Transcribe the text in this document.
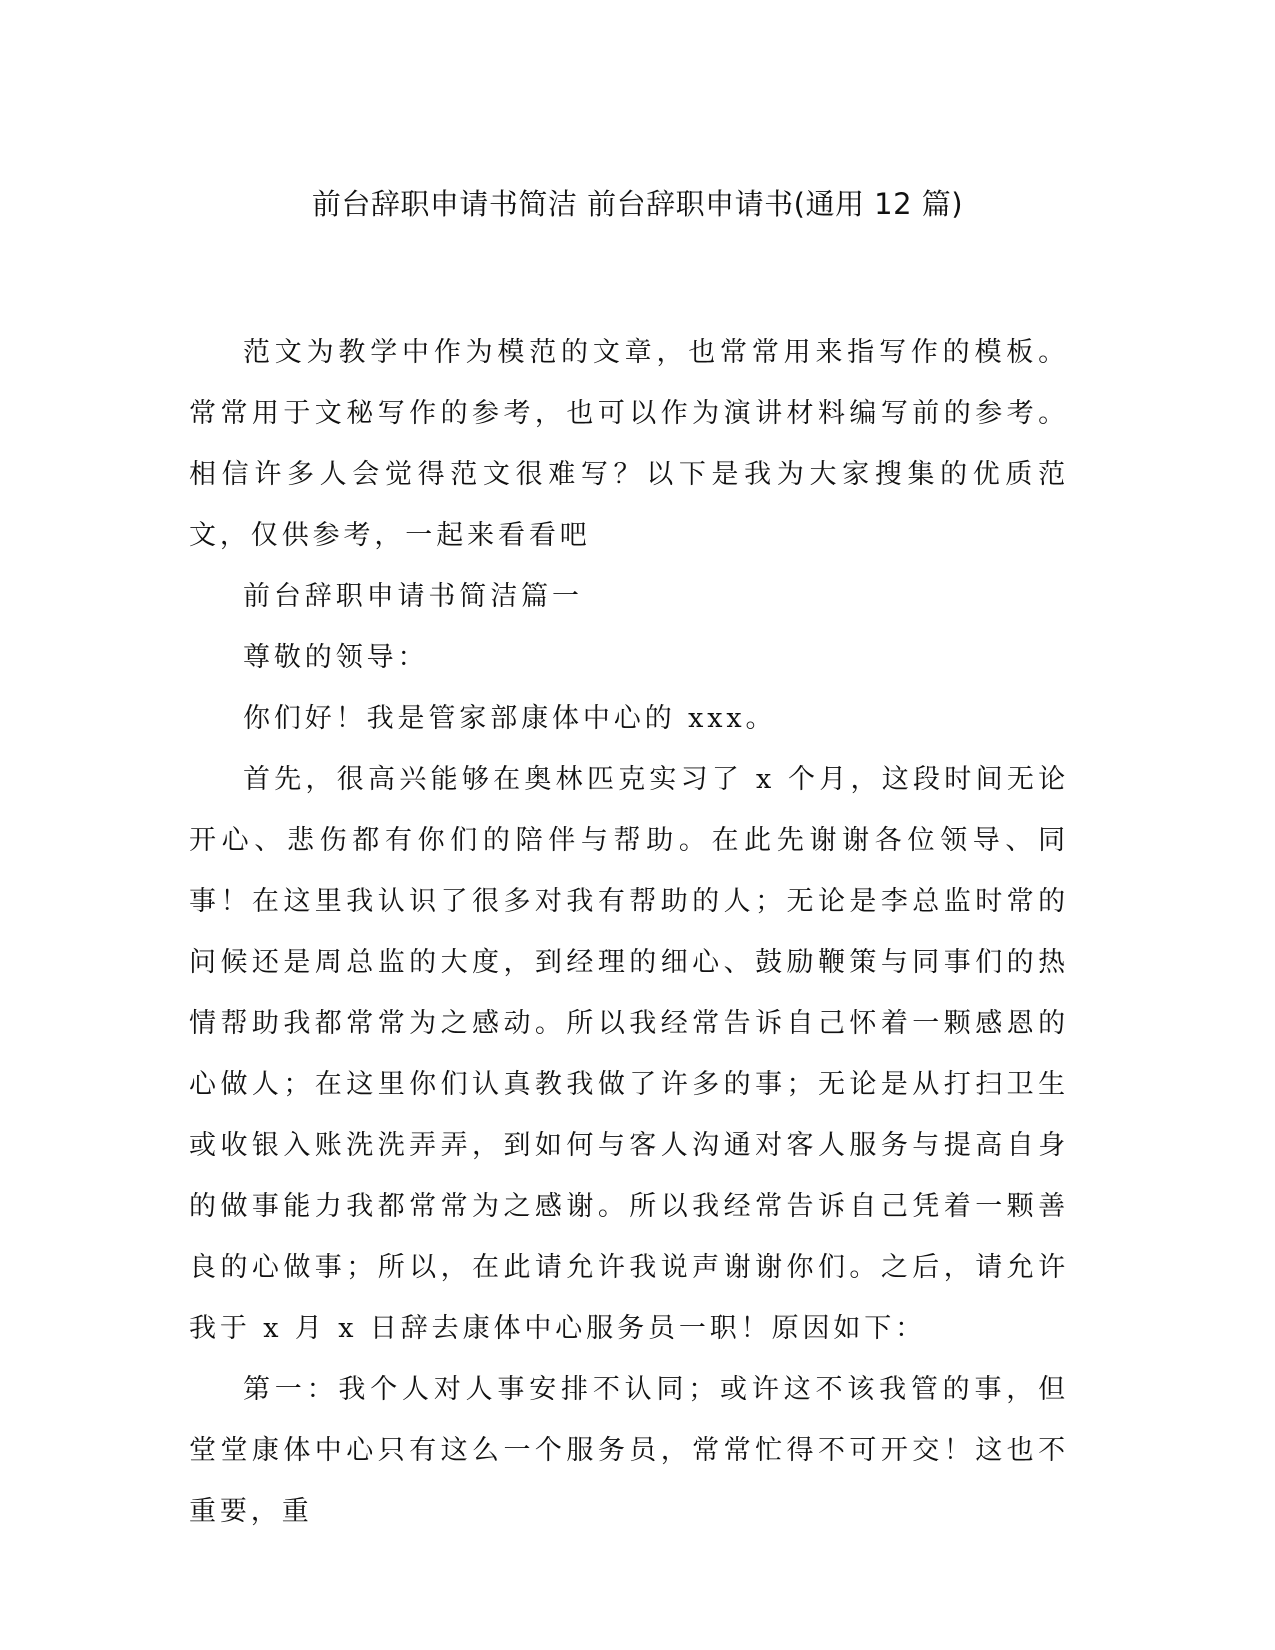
前台辞职申请书简洁 前台辞职申请书(通用 12 篇)

范文为教学中作为模范的文章，也常常用来指写作的模板。常常用于文秘写作的参考，也可以作为演讲材料编写前的参考。相信许多人会觉得范文很难写？以下是我为大家搜集的优质范文，仅供参考，一起来看看吧

前台辞职申请书简洁篇一

尊敬的领导：

你们好！我是管家部康体中心的 xxx。

首先，很高兴能够在奥林匹克实习了 x 个月，这段时间无论开心、悲伤都有你们的陪伴与帮助。在此先谢谢各位领导、同事！在这里我认识了很多对我有帮助的人；无论是李总监时常的问候还是周总监的大度，到经理的细心、鼓励鞭策与同事们的热情帮助我都常常为之感动。所以我经常告诉自己怀着一颗感恩的心做人；在这里你们认真教我做了许多的事；无论是从打扫卫生或收银入账洗洗弄弄，到如何与客人沟通对客人服务与提高自身的做事能力我都常常为之感谢。所以我经常告诉自己凭着一颗善良的心做事；所以，在此请允许我说声谢谢你们。之后，请允许我于 x 月 x 日辞去康体中心服务员一职！原因如下：

第一：我个人对人事安排不认同；或许这不该我管的事，但堂堂康体中心只有这么一个服务员，常常忙得不可开交！这也不重要，重
